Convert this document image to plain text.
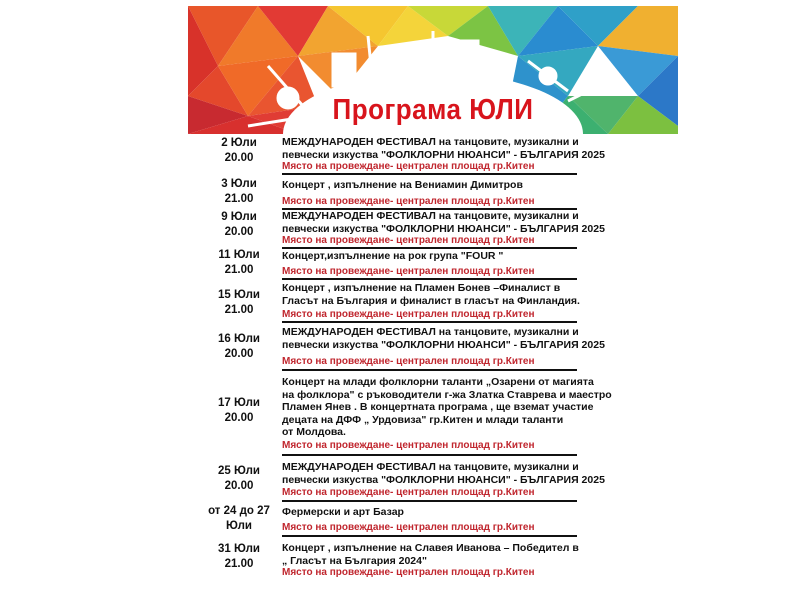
Програма ЮЛИ
2 Юли
20.00
МЕЖДУНАРОДЕН ФЕСТИВАЛ на танцовите, музикални и
певчески изкуства "ФОЛКЛОРНИ НЮАНСИ" - БЪЛГАРИЯ 2025
Място на провеждане- централен площад гр.Китен
3 Юли
21.00
Концерт , изпълнение на Вениамин Димитров
Място на провеждане- централен площад гр.Китен
9 Юли
20.00
МЕЖДУНАРОДЕН ФЕСТИВАЛ на танцовите, музикални и
певчески изкуства "ФОЛКЛОРНИ НЮАНСИ" - БЪЛГАРИЯ 2025
Място на провеждане- централен площад гр.Китен
11 Юли
21.00
Концерт,изпълнение на рок група "FOUR "
Място на провеждане- централен площад гр.Китен
15 Юли
21.00
Концерт , изпълнение на Пламен Бонев –Финалист в
Гласът на България и финалист в гласът на Финландия.
Място на провеждане- централен площад гр.Китен
16 Юли
20.00
МЕЖДУНАРОДЕН ФЕСТИВАЛ на танцовите, музикални и
певчески изкуства "ФОЛКЛОРНИ НЮАНСИ" - БЪЛГАРИЯ 2025
Място на провеждане- централен площад гр.Китен
17 Юли
20.00
Концерт на млади фолклорни таланти „Озарени от магията
на фолклора" с ръководители г-жа Златка Ставрева и маестро
Пламен Янев . В концертната програма , ще вземат участие
децата на ДФФ „ Урдовиза" гр.Китен и млади таланти
от Молдова.
Място на провеждане- централен площад гр.Китен
25 Юли
20.00
МЕЖДУНАРОДЕН ФЕСТИВАЛ на танцовите, музикални и
певчески изкуства "ФОЛКЛОРНИ НЮАНСИ" - БЪЛГАРИЯ 2025
Място на провеждане- централен площад гр.Китен
от 24 до 27
Юли
Фермерски и арт Базар
Място на провеждане- централен площад гр.Китен
31 Юли
21.00
Концерт , изпълнение на Славея Иванова – Победител в
„ Гласът на България 2024"
Място на провеждане- централен площад гр.Китен
